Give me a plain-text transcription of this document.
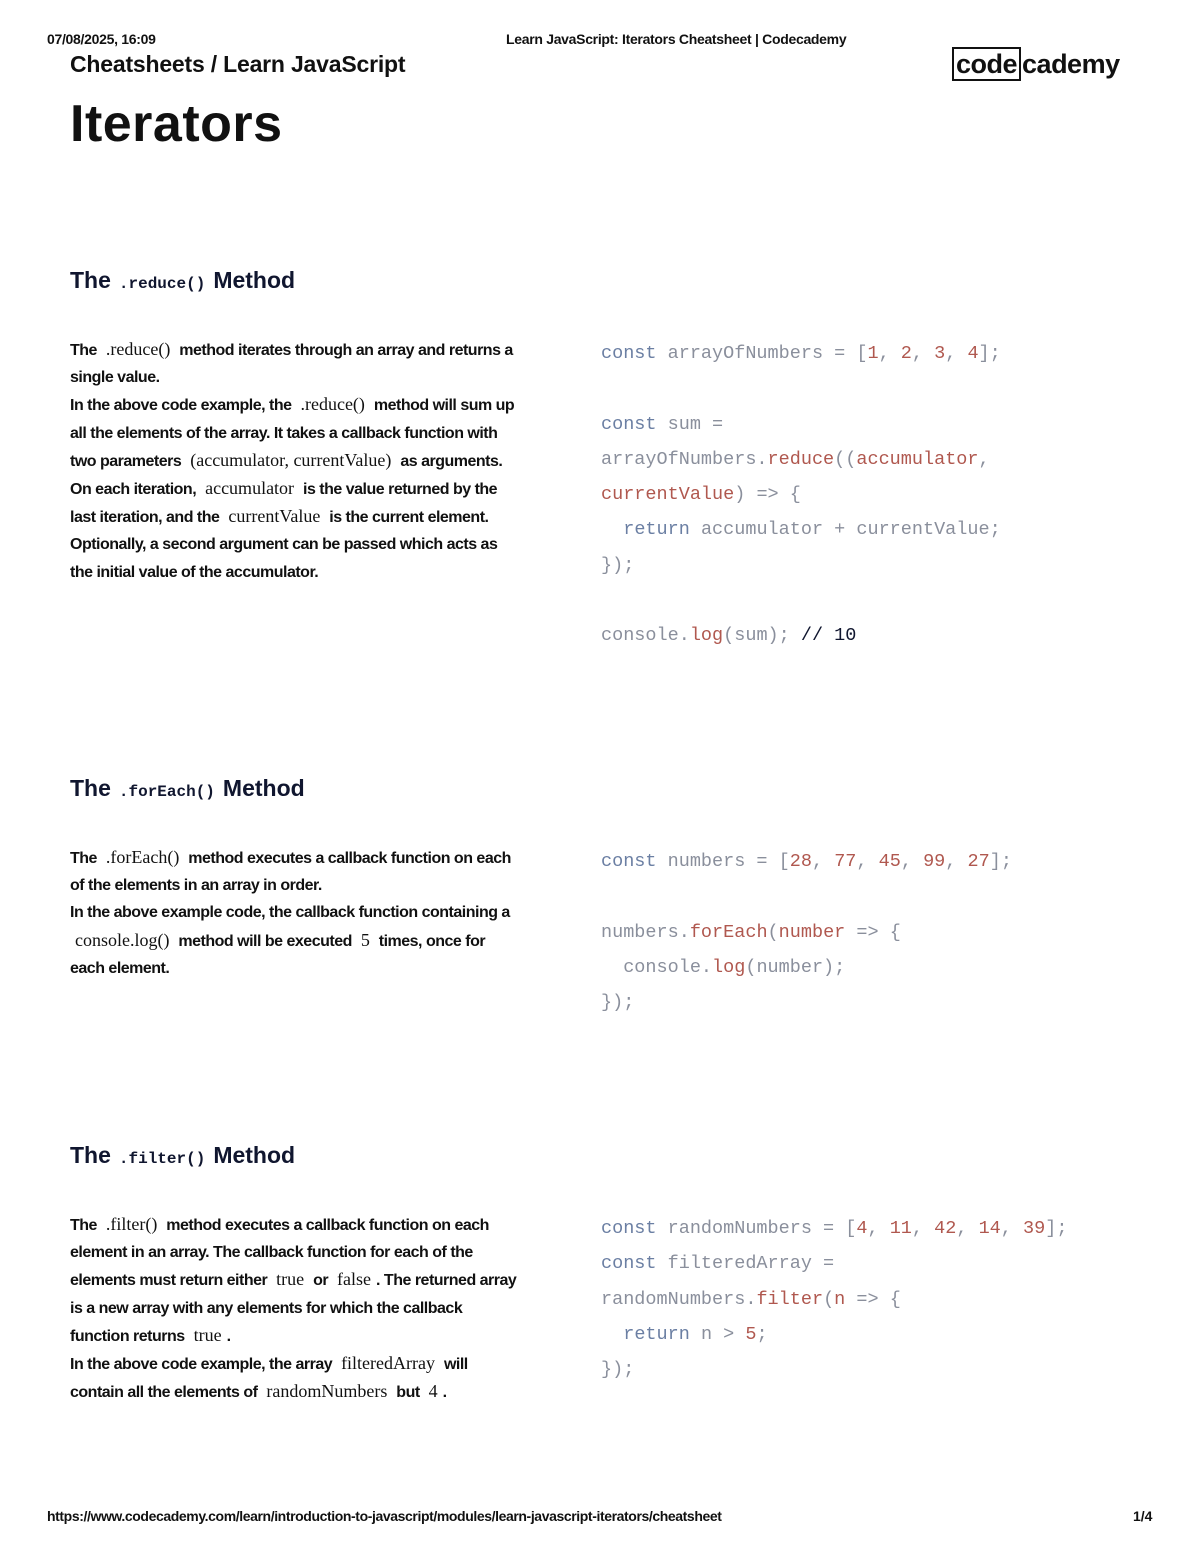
07/08/2025, 16:09	Learn JavaScript: Iterators Cheatsheet | Codecademy
Cheatsheets / Learn JavaScript	code cademy
Iterators
The .reduce() Method

The .reduce() method iterates through an array and returns a single value.

In the above code example, the .reduce() method will sum up all the elements of the array. It takes a callback function with two parameters (accumulator, currentValue) as arguments. On each iteration, accumulator is the value returned by the last iteration, and the currentValue is the current element. Optionally, a second argument can be passed which acts as the initial value of the accumulator.

const arrayOfNumbers = [1, 2, 3, 4];
const sum =
arrayOfNumbers.reduce((accumulator,
currentValue) => {
return accumulator + currentValue;
});
console.log(sum); // 10
The .forEach() Method

The .forEach() method executes a callback function on each of the elements in an array in order.

In the above example code, the callback function containing a console.log() method will be executed 5 times, once for each element.

const numbers = [28, 77, 45, 99, 27];
numbers.forEach(number => {
console.log(number);
});
The .filter() Method

The .filter() method executes a callback function on each element in an array. The callback function for each of the elements must return either true or false . The returned array is a new array with any elements for which the callback function returns true .

In the above code example, the array filteredArray will contain all the elements of randomNumbers but 4 .

const randomNumbers = [4, 11, 42, 14, 39];
const filteredArray =
randomNumbers.filter(n => {
return n > 5;
});
https://www.codecademy.com/learn/introduction-to-javascript/modules/learn-javascript-iterators/cheatsheet	1/4
